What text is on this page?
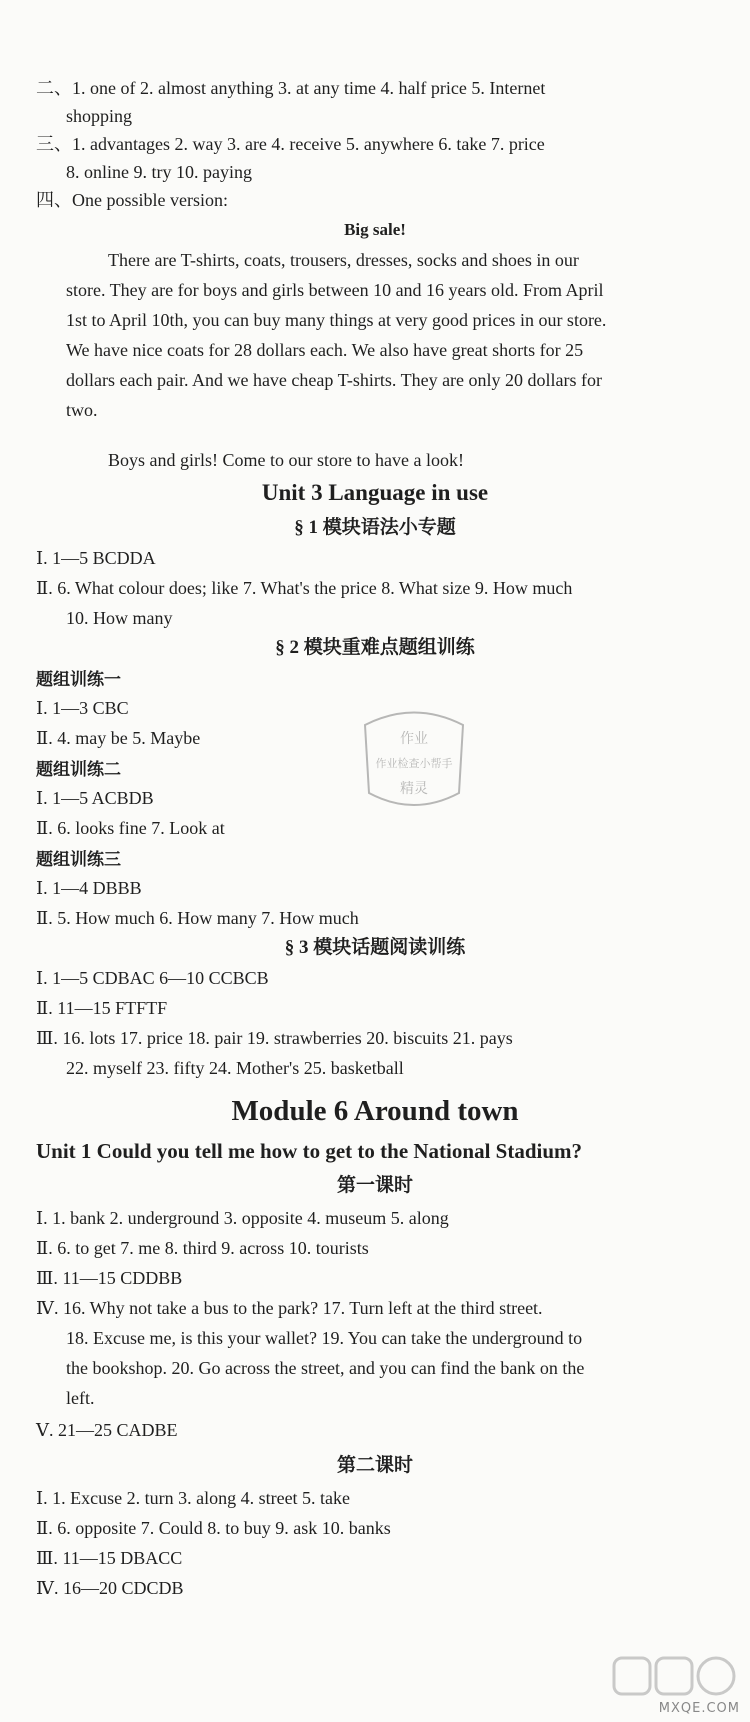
二、1. one of 2. almost anything 3. at any time 4. half price 5. Internet
shopping
三、1. advantages 2. way 3. are 4. receive 5. anywhere 6. take 7. price
8. online 9. try 10. paying
四、One possible version:
Big sale!
There are T-shirts, coats, trousers, dresses, socks and shoes in our
store. They are for boys and girls between 10 and 16 years old. From April
1st to April 10th, you can buy many things at very good prices in our store.
We have nice coats for 28 dollars each. We also have great shorts for 25
dollars each pair. And we have cheap T-shirts. They are only 20 dollars for
two.
Boys and girls! Come to our store to have a look!
Unit 3 Language in use
§ 1 模块语法小专题
Ⅰ. 1—5 BCDDA
Ⅱ. 6. What colour does; like 7. What's the price 8. What size 9. How much
10. How many
§ 2 模块重难点题组训练
题组训练一
Ⅰ. 1—3 CBC
Ⅱ. 4. may be 5. Maybe
题组训练二
Ⅰ. 1—5 ACBDB
Ⅱ. 6. looks fine 7. Look at
题组训练三
Ⅰ. 1—4 DBBB
Ⅱ. 5. How much 6. How many 7. How much
§ 3 模块话题阅读训练
Ⅰ. 1—5 CDBAC 6—10 CCBCB
Ⅱ. 11—15 FTFTF
Ⅲ. 16. lots 17. price 18. pair 19. strawberries 20. biscuits 21. pays
22. myself 23. fifty 24. Mother's 25. basketball
Module 6 Around town
Unit 1 Could you tell me how to get to the National Stadium?
第一课时
Ⅰ. 1. bank 2. underground 3. opposite 4. museum 5. along
Ⅱ. 6. to get 7. me 8. third 9. across 10. tourists
Ⅲ. 11—15 CDDBB
Ⅳ. 16. Why not take a bus to the park? 17. Turn left at the third street.
18. Excuse me, is this your wallet? 19. You can take the underground to
the bookshop. 20. Go across the street, and you can find the bank on the
left.
Ⅴ. 21—25 CADBE
第二课时
Ⅰ. 1. Excuse 2. turn 3. along 4. street 5. take
Ⅱ. 6. opposite 7. Could 8. to buy 9. ask 10. banks
Ⅲ. 11—15 DBACC
Ⅳ. 16—20 CDCDB
作业
作业检查小帮手
精灵
MXQE.COM
